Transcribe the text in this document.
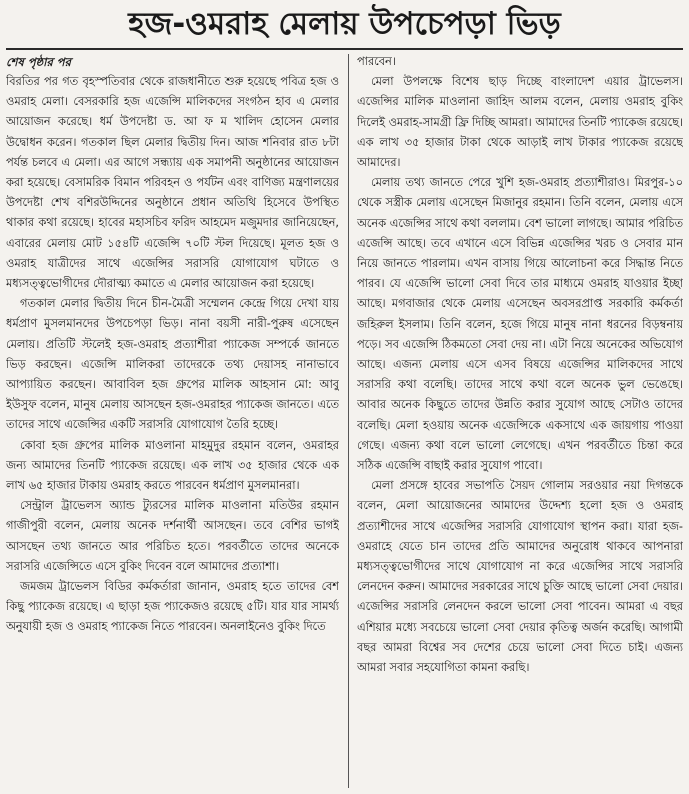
হজ-ওমরাহ মেলায় উপচেপড়া ভিড়
শেষ পৃষ্ঠার পর

বিরতির পর গত বৃহস্পতিবার থেকে রাজধানীতে শুরু হয়েছে পবিত্র হজ ও ওমরাহ মেলা। বেসরকারি হজ এজেন্সি মালিকদের সংগঠন হাব এ মেলার আয়োজন করেছে। ধর্ম উপদেষ্টা ড. আ ফ ম খালিদ হোসেন মেলার উদ্বোধন করেন। গতকাল ছিল মেলার দ্বিতীয় দিন। আজ শনিবার রাত ৮টা পর্যন্ত চলবে এ মেলা। এর আগে সন্ধ্যায় এক সমাপনী অনুষ্ঠানের আয়োজন করা হয়েছে। বেসামরিক বিমান পরিবহন ও পর্যটন এবং বাণিজ্য মন্ত্রণালয়ের উপদেষ্টা শেখ বশিরউদ্দিনের অনুষ্ঠানে প্রধান অতিথি হিসেবে উপস্থিত থাকার কথা রয়েছে। হাবের মহাসচিব ফরিদ আহমেদ মজুমদার জানিয়েছেন, এবারের মেলায় মোট ১৫৪টি এজেন্সি ৭০টি স্টল দিয়েছে। মূলত হজ ও ওমরাহ যাত্রীদের সাথে এজেন্সির সরাসরি যোগাযোগ ঘটাতে ও মধ্যসত্ত্বভোগীদের দৌরাত্ম্য কমাতে এ মেলার আয়োজন করা হয়েছে।

গতকাল মেলার দ্বিতীয় দিনে চীন-মৈত্রী সম্মেলন কেন্দ্রে গিয়ে দেখা যায় ধর্মপ্রাণ মুসলমানদের উপচেপড়া ভিড়। নানা বয়সী নারী-পুরুষ এসেছেন মেলায়। প্রতিটি স্টলেই হজ-ওমরাহ প্রত্যাশীরা প্যাকেজ সম্পর্কে জানতে ভিড় করছেন। এজেন্সি মালিকরা তাদেরকে তথ্য দেয়াসহ নানাভাবে আপ্যায়িত করছেন। আবাবিল হজ গ্রুপের মালিক আহসান মো: আবু ইউসুফ বলেন, মানুষ মেলায় আসছেন হজ-ওমরাহর প্যাকেজ জানতে। এতে তাদের সাথে এজেন্সির একটি সরাসরি যোগাযোগ তৈরি হচ্ছে।

কোবা হজ গ্রুপের মালিক মাওলানা মাহমুদুর রহমান বলেন, ওমরাহর জন্য আমাদের তিনটি প্যাকেজ রয়েছে। এক লাখ ৩৫ হাজার থেকে এক লাখ ৬৫ হাজার টাকায় ওমরাহ করতে পারবেন ধর্মপ্রাণ মুসলমানরা।

সেন্ট্রাল ট্রাভেলস অ্যান্ড ট্যুরসের মালিক মাওলানা মতিউর রহমান গাজীপুরী বলেন, মেলায় অনেক দর্শনার্থী আসছেন। তবে বেশির ভাগই আসছেন তথ্য জানতে আর পরিচিত হতে। পরবর্তীতে তাদের অনেকে সরাসরি এজেন্সিতে এসে বুকিং দিবেন বলে আমাদের প্রত্যাশা।

জমজম ট্রাভেলস বিডির কর্মকর্তারা জানান, ওমরাহ হতে তাদের বেশ কিছু প্যাকেজ রয়েছে। এ ছাড়া হজ প্যাকেজও রয়েছে ৫টি। যার যার সামর্থ্য অনুযায়ী হজ ও ওমরাহ প্যাকেজ নিতে পারবেন। অনলাইনেও বুকিং দিতে

পারবেন।

মেলা উপলক্ষে বিশেষ ছাড় দিচ্ছে বাংলাদেশ এয়ার ট্রাভেলস। এজেন্সির মালিক মাওলানা জাহিদ আলম বলেন, মেলায় ওমরাহ বুকিং দিলেই ওমরাহ-সামগ্রী ফ্রি দিচ্ছি আমরা। আমাদের তিনটি প্যাকেজ রয়েছে। এক লাখ ৩৫ হাজার টাকা থেকে আড়াই লাখ টাকার প্যাকেজ রয়েছে আমাদের।

মেলায় তথ্য জানতে পেরে খুশি হজ-ওমরাহ প্রত্যাশীরাও। মিরপুর-১০ থেকে সস্ত্রীক মেলায় এসেছেন মিজানুর রহমান। তিনি বলেন, মেলায় এসে অনেক এজেন্সির সাথে কথা বললাম। বেশ ভালো লাগছে। আমার পরিচিত এজেন্সি আছে। তবে এখানে এসে বিভিন্ন এজেন্সির খরচ ও সেবার মান নিয়ে জানতে পারলাম। এখন বাসায় গিয়ে আলোচনা করে সিদ্ধান্ত নিতে পারব। যে এজেন্সি ভালো সেবা দিবে তার মাধ্যমে ওমরাহ যাওয়ার ইচ্ছা আছে। মগবাজার থেকে মেলায় এসেছেন অবসরপ্রাপ্ত সরকারি কর্মকর্তা জহিরুল ইসলাম। তিনি বলেন, হজে গিয়ে মানুষ নানা ধরনের বিড়ম্বনায় পড়ে। সব এজেন্সি ঠিকমতো সেবা দেয় না। এটা নিয়ে অনেকের অভিযোগ আছে। এজন্য মেলায় এসে এসব বিষয়ে এজেন্সির মালিকদের সাথে সরাসরি কথা বলেছি। তাদের সাথে কথা বলে অনেক ভুল ভেঙেছে। আবার অনেক কিছুতে তাদের উন্নতি করার সুযোগ আছে সেটাও তাদের বলেছি। মেলা হওয়ায় অনেক এজেন্সিকে একসাথে এক জায়গায় পাওয়া গেছে। এজন্য কথা বলে ভালো লেগেছে। এখন পরবর্তীতে চিন্তা করে সঠিক এজেন্সি বাছাই করার সুযোগ পাবো।

মেলা প্রসঙ্গে হাবের সভাপতি সৈয়দ গোলাম সরওয়ার নয়া দিগন্তকে বলেন, মেলা আয়োজনের আমাদের উদ্দেশ্য হলো হজ ও ওমরাহ প্রত্যাশীদের সাথে এজেন্সির সরাসরি যোগাযোগ স্থাপন করা। যারা হজ-ওমরাহে যেতে চান তাদের প্রতি আমাদের অনুরোধ থাকবে আপনারা মধ্যসত্ত্বভোগীদের সাথে যোগাযোগ না করে এজেন্সির সাথে সরাসরি লেনদেন করুন। আমাদের সরকারের সাথে চুক্তি আছে ভালো সেবা দেয়ার। এজেন্সির সরাসরি লেনদেন করলে ভালো সেবা পাবেন। আমরা এ বছর এশিয়ার মধ্যে সবচেয়ে ভালো সেবা দেয়ার কৃতিত্ব অর্জন করেছি। আগামী বছর আমরা বিশ্বের সব দেশের চেয়ে ভালো সেবা দিতে চাই। এজন্য আমরা সবার সহযোগিতা কামনা করছি।
